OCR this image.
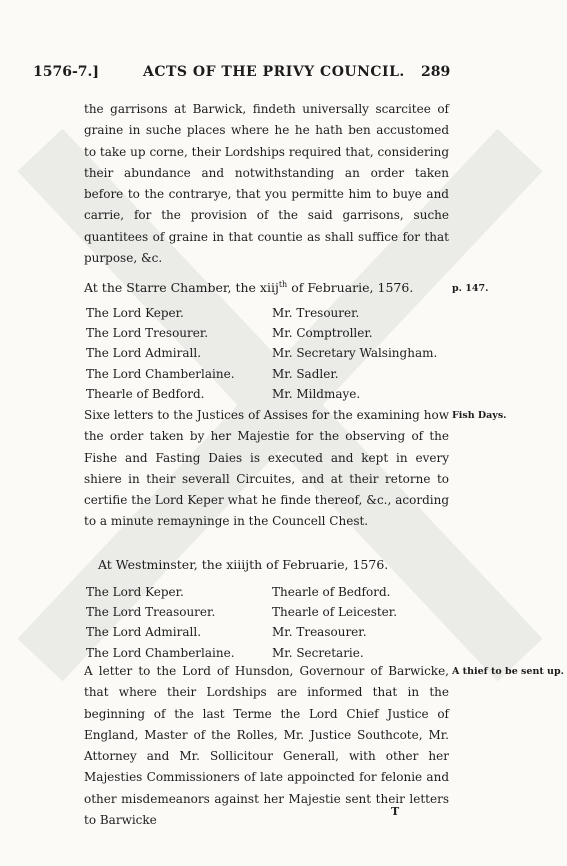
1576-7.]	ACTS OF THE PRIVY COUNCIL. 289

the garrisons at Barwick, findeth universally scarcitee of graine in suche places where he he hath ben accustomed to take up corne, their Lordships required that, considering their abundance and notwithstanding an order taken before to the contrarye, that you permitte him to buye and carrie, for the provision of the said garrisons, suche quantitees of graine in that countie as shall suffice for that purpose, &c.

At the Starre Chamber, the xiij$^{th}$ of Februarie, 1576.	p. 147.
The Lord Keper.	Mr. Tresourer.
The Lord Tresourer.	Mr. Comptroller.
The Lord Admirall.	Mr. Secretary Walsingham.
The Lord Chamberlaine.	Mr. Sadler.
Thearle of Bedford.	Mr. Mildmaye.

Sixe letters to the Justices of Assises for the examining how the order taken by her Majestie for the observing of the Fishe and Fasting Daies is executed and kept in every shiere in their severall Circuites, and at their retorne to certifie the Lord Keper what he finde thereof, &c., acording to a minute remayninge in the Councell Chest.

Fish Days.
At Westminster, the xiiijth of Februarie, 1576.
The Lord Keper.	Thearle of Bedford.
The Lord Treasourer.	Thearle of Leicester.
The Lord Admirall.	Mr. Treasourer.
The Lord Chamberlaine.	Mr. Secretarie.

A letter to the Lord of Hunsdon, Governour of Barwicke, that where their Lordships are informed that in the beginning of the last Terme the Lord Chief Justice of England, Master of the Rolles, Mr. Justice Southcote, Mr. Attorney and Mr. Sollicitour Generall, with other her Majesties Commissioners of late appoincted for felonie and other misdemeanors against her Majestie sent their letters to Barwicke

A thief to be sent up.
T
